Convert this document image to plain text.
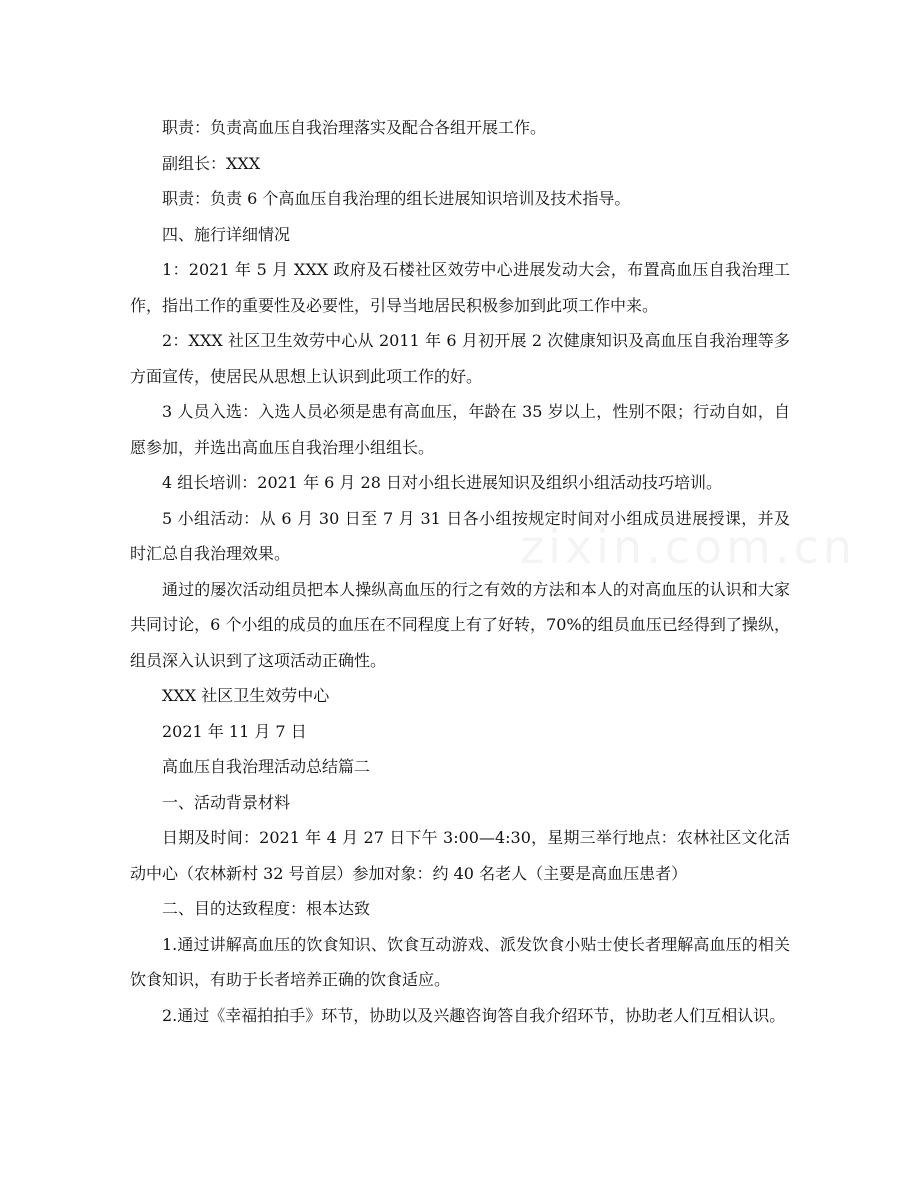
职责：负责高血压自我治理落实及配合各组开展工作。

副组长：XXX

职责：负责 6 个高血压自我治理的组长进展知识培训及技术指导。

四、施行详细情况

1：2021 年 5 月 XXX 政府及石楼社区效劳中心进展发动大会，布置高血压自我治理工作，指出工作的重要性及必要性，引导当地居民积极参加到此项工作中来。

2：XXX 社区卫生效劳中心从 2011 年 6 月初开展 2 次健康知识及高血压自我治理等多方面宣传，使居民从思想上认识到此项工作的好。

3 人员入选：入选人员必须是患有高血压，年龄在 35 岁以上，性别不限；行动自如，自愿参加，并选出高血压自我治理小组组长。

4 组长培训：2021 年 6 月 28 日对小组长进展知识及组织小组活动技巧培训。

5 小组活动：从 6 月 30 日至 7 月 31 日各小组按规定时间对小组成员进展授课，并及时汇总自我治理效果。

通过的屡次活动组员把本人操纵高血压的行之有效的方法和本人的对高血压的认识和大家共同讨论，6 个小组的成员的血压在不同程度上有了好转，70%的组员血压已经得到了操纵，组员深入认识到了这项活动正确性。

XXX 社区卫生效劳中心

2021 年 11 月 7 日

高血压自我治理活动总结篇二

一、活动背景材料

日期及时间：2021 年 4 月 27 日下午 3:00—4:30，星期三举行地点：农林社区文化活动中心（农林新村 32 号首层）参加对象：约 40 名老人（主要是高血压患者）

二、目的达致程度：根本达致

1.通过讲解高血压的饮食知识、饮食互动游戏、派发饮食小贴士使长者理解高血压的相关饮食知识，有助于长者培养正确的饮食适应。

2.通过《幸福拍拍手》环节，协助以及兴趣咨询答自我介绍环节，协助老人们互相认识。
